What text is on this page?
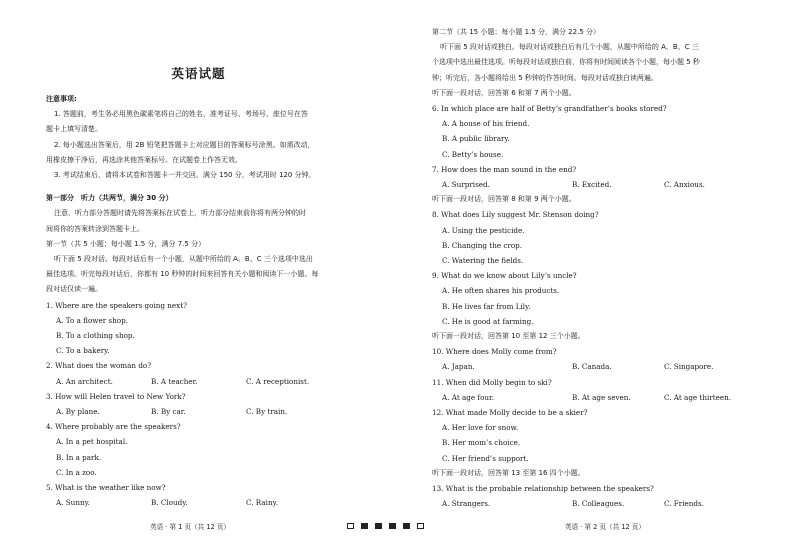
英语试题
注意事项:
1. 答题前，考生务必用黑色碳素笔将自己的姓名、准考证号、考场号、座位号在答
题卡上填写清楚。
2. 每小题选出答案后，用 2B 铅笔把答题卡上对应题目的答案标号涂黑。如需改动，
用橡皮擦干净后，再选涂其他答案标号。在试题卷上作答无效。
3. 考试结束后，请将本试卷和答题卡一并交回。满分 150 分，考试用时 120 分钟。
第一部分　听力（共两节，满分 30 分）
注意，听力部分答题时请先将答案标在试卷上，听力部分结束前你将有两分钟的时
间将你的答案转涂到答题卡上。
第一节（共 5 小题；每小题 1.5 分，满分 7.5 分）
听下面 5 段对话。每段对话后有一个小题，从题中所给的 A、B、C 三个选项中选出
最佳选项。听完每段对话后，你都有 10 秒钟的时间来回答有关小题和阅读下一小题。每
段对话仅读一遍。
1. Where are the speakers going next?
A. To a flower shop.
B. To a clothing shop.
C. To a bakery.
2. What does the woman do?
A. An architect.	B. A teacher.	C. A receptionist.
3. How will Helen travel to New York?
A. By plane.	B. By car.	C. By train.
4. Where probably are the speakers?
A. In a pet hospital.
B. In a park.
C. In a zoo.
5. What is the weather like now?
A. Sunny.	B. Cloudy.	C. Rainy.
第二节（共 15 小题；每小题 1.5 分，满分 22.5 分）
听下面 5 段对话或独白。每段对话或独白后有几个小题，从题中所给的 A、B、C 三
个选项中选出最佳选项。听每段对话或独白前，你将有时间阅读各个小题，每小题 5 秒
钟；听完后，各小题将给出 5 秒钟的作答时间。每段对话或独白读两遍。
听下面一段对话，回答第 6 和第 7 两个小题。
6. In which place are half of Betty’s grandfather’s books stored?
A. A house of his friend.
B. A public library.
C. Betty’s house.
7. How does the man sound in the end?
A. Surprised.	B. Excited.	C. Anxious.
听下面一段对话，回答第 8 和第 9 两个小题。
8. What does Lily suggest Mr. Stenson doing?
A. Using the pesticide.
B. Changing the crop.
C. Watering the fields.
9. What do we know about Lily’s uncle?
A. He often shares his products.
B. He lives far from Lily.
C. He is good at farming.
听下面一段对话，回答第 10 至第 12 三个小题。
10. Where does Molly come from?
A. Japan.	B. Canada.	C. Singapore.
11. When did Molly begin to ski?
A. At age four.	B. At age seven.	C. At age thirteen.
12. What made Molly decide to be a skier?
A. Her love for snow.
B. Her mom’s choice.
C. Her friend’s support.
听下面一段对话，回答第 13 至第 16 四个小题。
13. What is the probable relationship between the speakers?
A. Strangers.	B. Colleagues.	C. Friends.
英语 · 第 1 页（共 12 页）	英语 · 第 2 页（共 12 页）
